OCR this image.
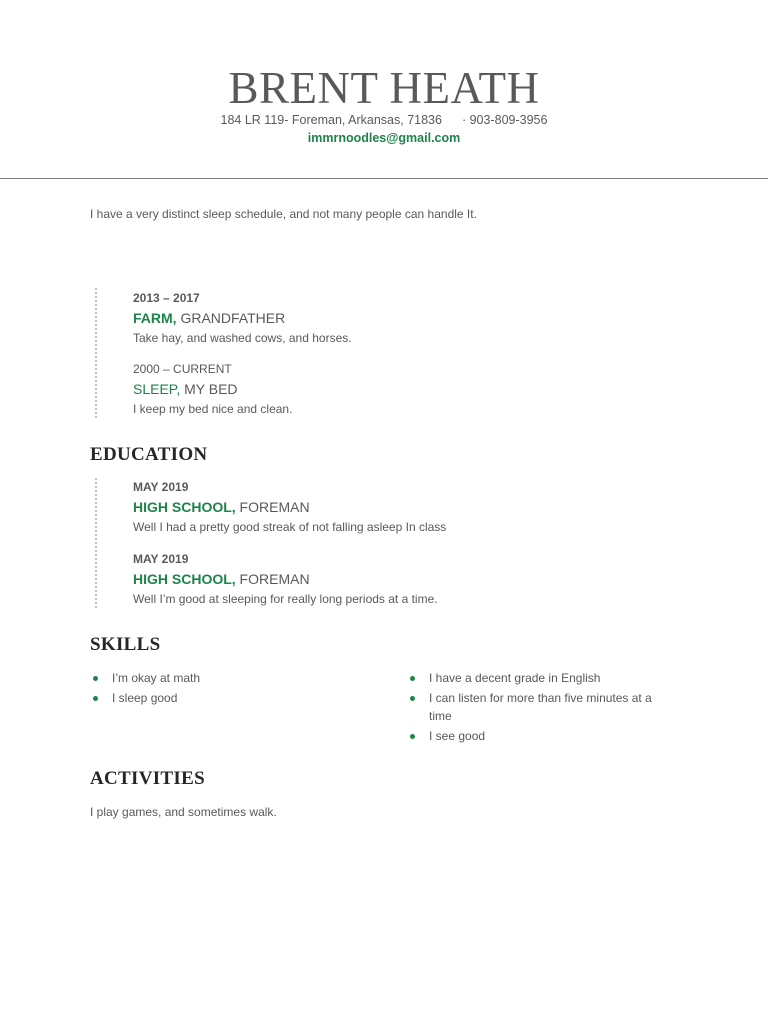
BRENT HEATH
184 LR 119- Foreman, Arkansas, 71836 · 903-809-3956
immrnoodles@gmail.com
I have a very distinct sleep schedule, and not many people can handle It.
2013 – 2017
FARM, GRANDFATHER
Take hay, and washed cows, and horses.
2000 – CURRENT
SLEEP, MY BED
I keep my bed nice and clean.
EDUCATION
MAY 2019
HIGH SCHOOL, FOREMAN
Well I had a pretty good streak of not falling asleep In class
MAY 2019
HIGH SCHOOL, FOREMAN
Well I’m good at sleeping for really long periods at a time.
SKILLS
I’m okay at math
I sleep good
I have a decent grade in English
I can listen for more than five minutes at a time
I see good
ACTIVITIES
I play games, and sometimes walk.
